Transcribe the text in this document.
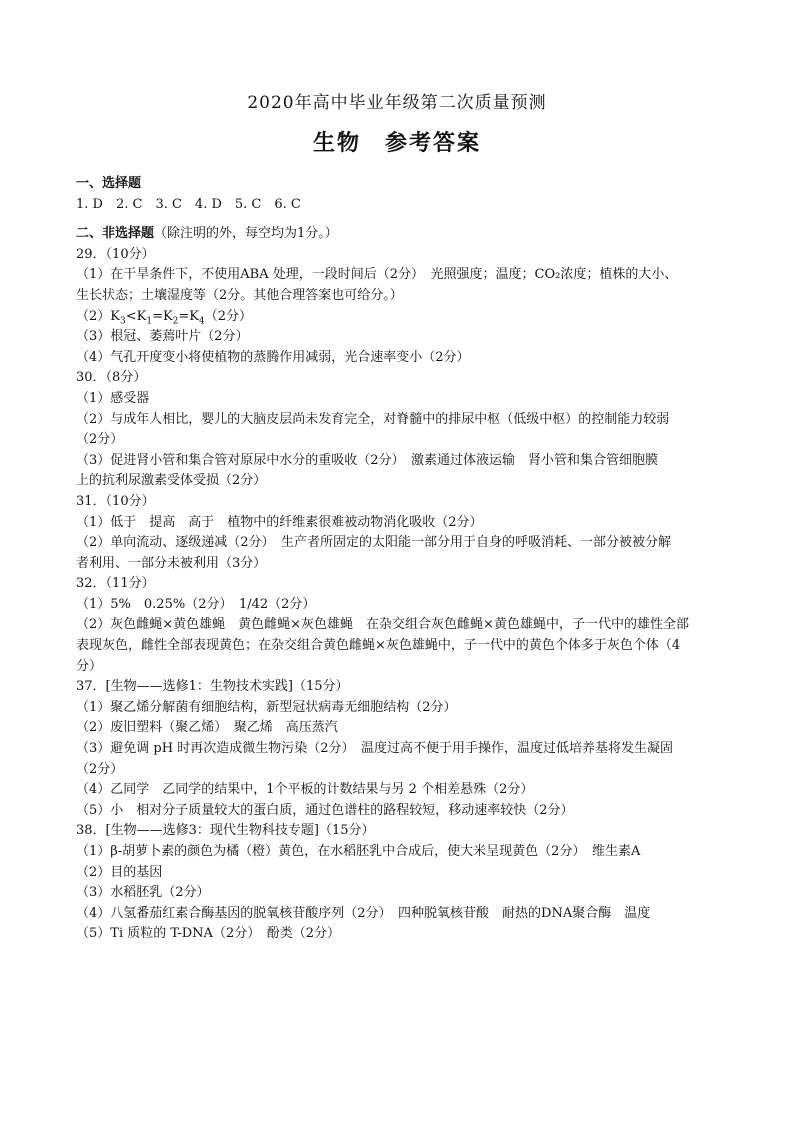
2020年高中毕业年级第二次质量预测
生物　参考答案
一、选择题
1. D　2. C　3. C　4. D　5. C　6. C
二、非选择题（除注明的外，每空均为1分。）
29．（10分）
（1）在干旱条件下，不使用ABA 处理，一段时间后（2分）　光照强度；温度；CO₂浓度；植株的大小、
生长状态；土壤湿度等（2分。其他合理答案也可给分。）
$(2)K_3<K_1=K_2=K_4(2$分）
（3）根冠、萎蔫叶片（2分）
（4）气孔开度变小将使植物的蒸腾作用减弱，光合速率变小（2分）
30．（8分）
（1）感受器
（2）与成年人相比，婴儿的大脑皮层尚未发育完全，对脊髓中的排尿中枢（低级中枢）的控制能力较弱
（2分）
（3）促进肾小管和集合管对原尿中水分的重吸收（2分）　激素通过体液运输　肾小管和集合管细胞膜
上的抗利尿激素受体受损（2分）
31．（10分）
（1）低于　提高　高于　植物中的纤维素很难被动物消化吸收（2分）
（2）单向流动、逐级递减（2分）　生产者所固定的太阳能一部分用于自身的呼吸消耗、一部分被被分解
者利用、一部分未被利用（3分）
32．（11分）
（1）5%　0.25%（2分）　1/42（2分）
（2）灰色雌蝇×黄色雄蝇　黄色雌蝇×灰色雄蝇　在杂交组合灰色雌蝇×黄色雄蝇中，子一代中的雄性全部
表现灰色，雌性全部表现黄色；在杂交组合黄色雌蝇×灰色雄蝇中，子一代中的黄色个体多于灰色个体（4
分）
37．[生物——选修1：生物技术实践]（15分）
（1）聚乙烯分解菌有细胞结构，新型冠状病毒无细胞结构（2分）
（2）废旧塑料（聚乙烯）　聚乙烯　高压蒸汽
（3）避免调 pH 时再次造成微生物污染（2分）　温度过高不便于用手操作，温度过低培养基将发生凝固
（2分）
（4）乙同学　乙同学的结果中，1个平板的计数结果与另 2 个相差悬殊（2分）
（5）小　相对分子质量较大的蛋白质，通过色谱柱的路程较短，移动速率较快（2分）
38．[生物——选修3：现代生物科技专题]（15分）
（1）β-胡萝卜素的颜色为橘（橙）黄色，在水稻胚乳中合成后，使大米呈现黄色（2分）　维生素A
（2）目的基因
（3）水稻胚乳（2分）
（4）八氢番茄红素合酶基因的脱氧核苷酸序列（2分）　四种脱氧核苷酸　耐热的DNA聚合酶　温度
（5）Ti 质粒的 T-DNA（2分）　酚类（2分）
